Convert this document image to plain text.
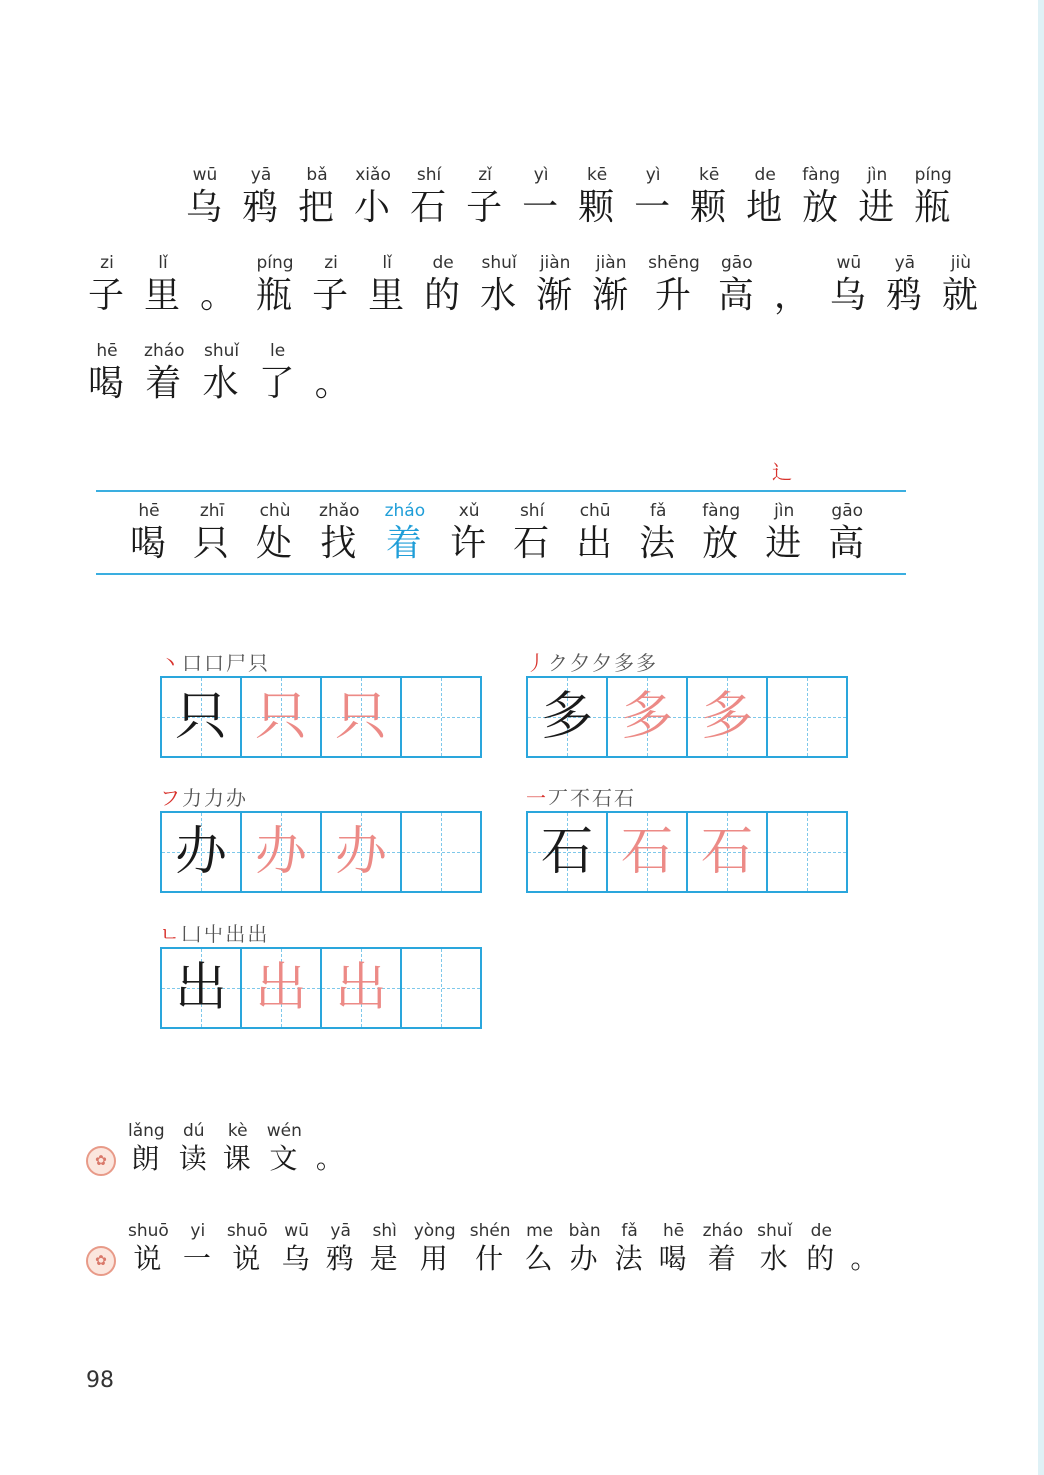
wū
乌
yā
鸦
bǎ
把
xiǎo
小
shí
石
zǐ
子
yì
一
kē
颗
yì
一
kē
颗
de
地
fàng
放
jìn
进
píng
瓶
zi
子
lǐ
里 。
píng
瓶
zi
子
lǐ
里
de
的
shuǐ
水
jiàn
渐
jiàn
渐
shēng
升
gāo
高 ，
wū
乌
yā
鸦
jiù
就
hē
喝
zháo
着
shuǐ
水
le
了 。
辶
hē
喝
zhī
只
chù
处
zhǎo
找
zháo
着
xǔ
许
shí
石
chū
出
fǎ
法
fàng
放
jìn
进
gāo
高
丶 口 口 尸 只
只 只 只
丿 ク 夕 夕 多 多
多 多 多
フ 力 力 办
办 办 办
一 丆 不 石 石
石 石 石
ㄴ 凵 屮 出 出
出 出 出
✿
lǎng
朗
dú
读
kè
课
wén
文 。
✿
shuō
说
yi
一
shuō
说
wū
乌
yā
鸦
shì
是
yòng
用
shén
什
me
么
bàn
办
fǎ
法
hē
喝
zháo
着
shuǐ
水
de
的 。
98
